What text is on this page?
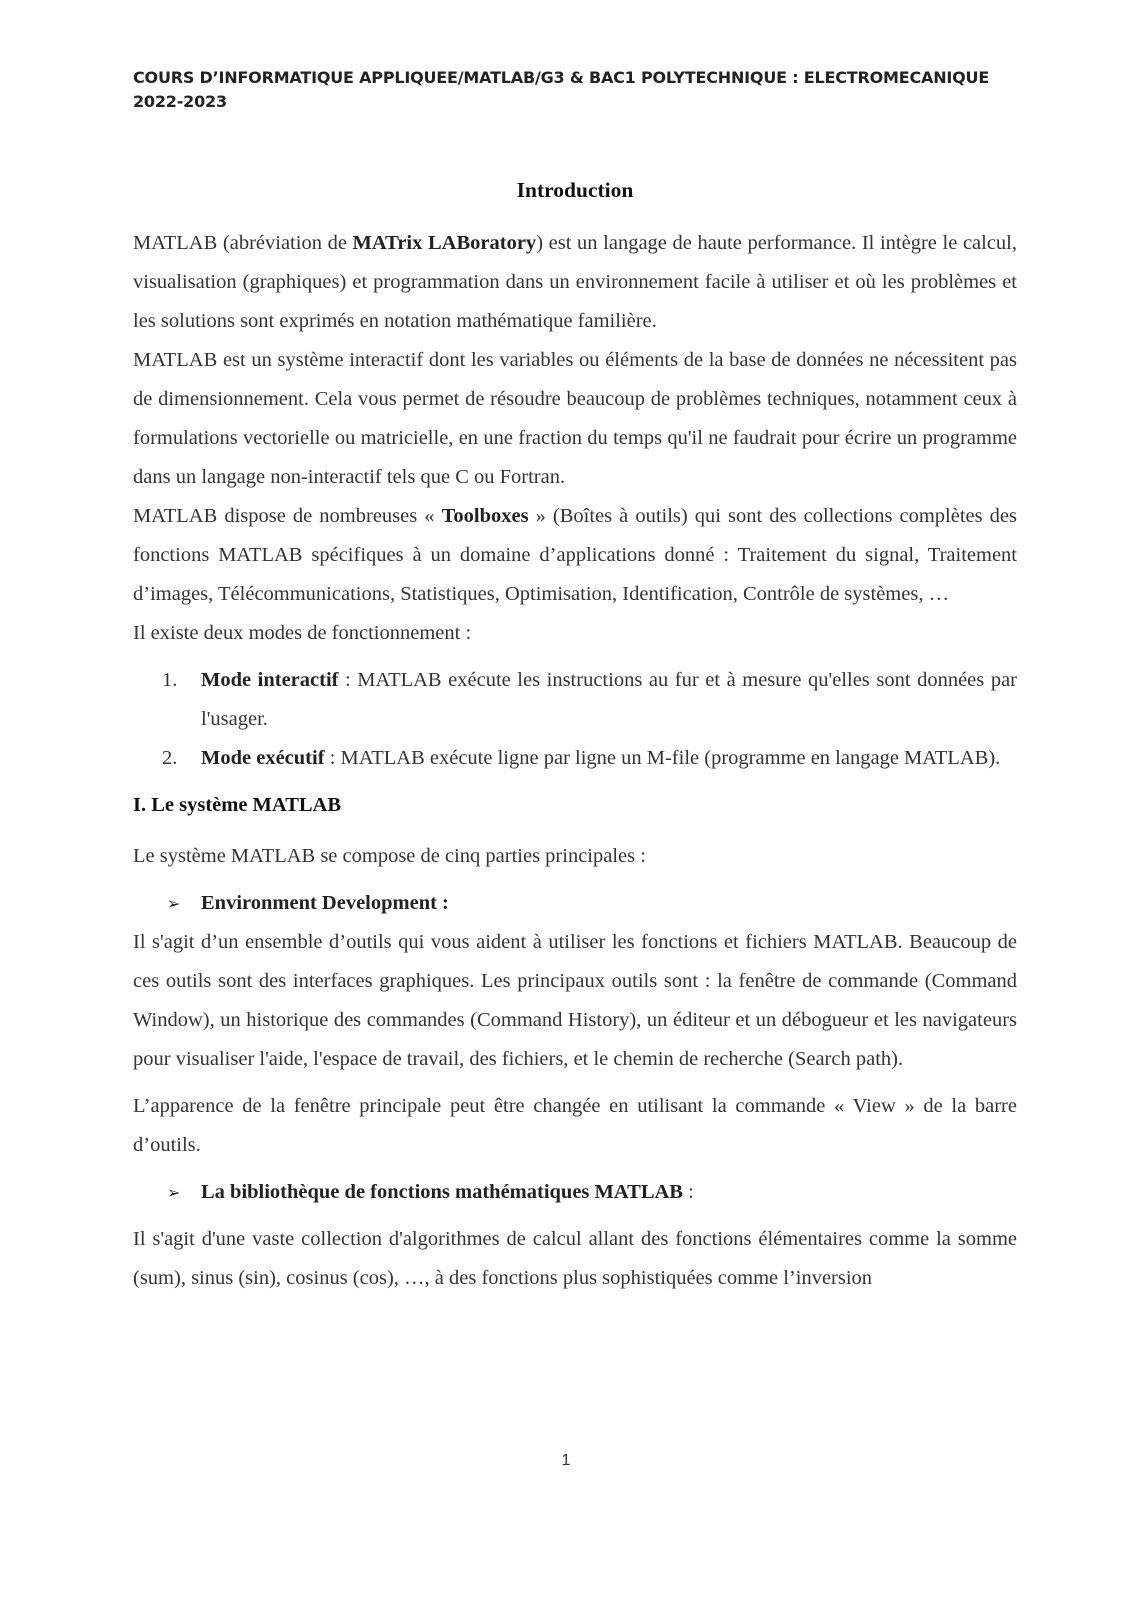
COURS D’INFORMATIQUE APPLIQUEE/MATLAB/G3 & BAC1 POLYTECHNIQUE : ELECTROMECANIQUE
2022-2023
Introduction

MATLAB (abréviation de MATrix LABoratory) est un langage de haute performance. Il intègre le calcul, visualisation (graphiques) et programmation dans un environnement facile à utiliser et où les problèmes et les solutions sont exprimés en notation mathématique familière.

MATLAB est un système interactif dont les variables ou éléments de la base de données ne nécessitent pas de dimensionnement. Cela vous permet de résoudre beaucoup de problèmes techniques, notamment ceux à formulations vectorielle ou matricielle, en une fraction du temps qu'il ne faudrait pour écrire un programme dans un langage non-interactif tels que C ou Fortran.

MATLAB dispose de nombreuses « Toolboxes » (Boîtes à outils) qui sont des collections complètes des fonctions MATLAB spécifiques à un domaine d’applications donné : Traitement du signal, Traitement d’images, Télécommunications, Statistiques, Optimisation, Identification, Contrôle de systèmes, …

Il existe deux modes de fonctionnement :

1. Mode interactif : MATLAB exécute les instructions au fur et à mesure qu'elles sont données par l'usager.
2. Mode exécutif : MATLAB exécute ligne par ligne un M-file (programme en langage MATLAB).
I. Le système MATLAB

Le système MATLAB se compose de cinq parties principales :

➢ Environment Development :

Il s'agit d’un ensemble d’outils qui vous aident à utiliser les fonctions et fichiers MATLAB. Beaucoup de ces outils sont des interfaces graphiques. Les principaux outils sont : la fenêtre de commande (Command Window), un historique des commandes (Command History), un éditeur et un débogueur et les navigateurs pour visualiser l'aide, l'espace de travail, des fichiers, et le chemin de recherche (Search path).

L’apparence de la fenêtre principale peut être changée en utilisant la commande « View » de la barre d’outils.

➢ La bibliothèque de fonctions mathématiques MATLAB :

Il s'agit d'une vaste collection d'algorithmes de calcul allant des fonctions élémentaires comme la somme (sum), sinus (sin), cosinus (cos), …, à des fonctions plus sophistiquées comme l’inversion

1
